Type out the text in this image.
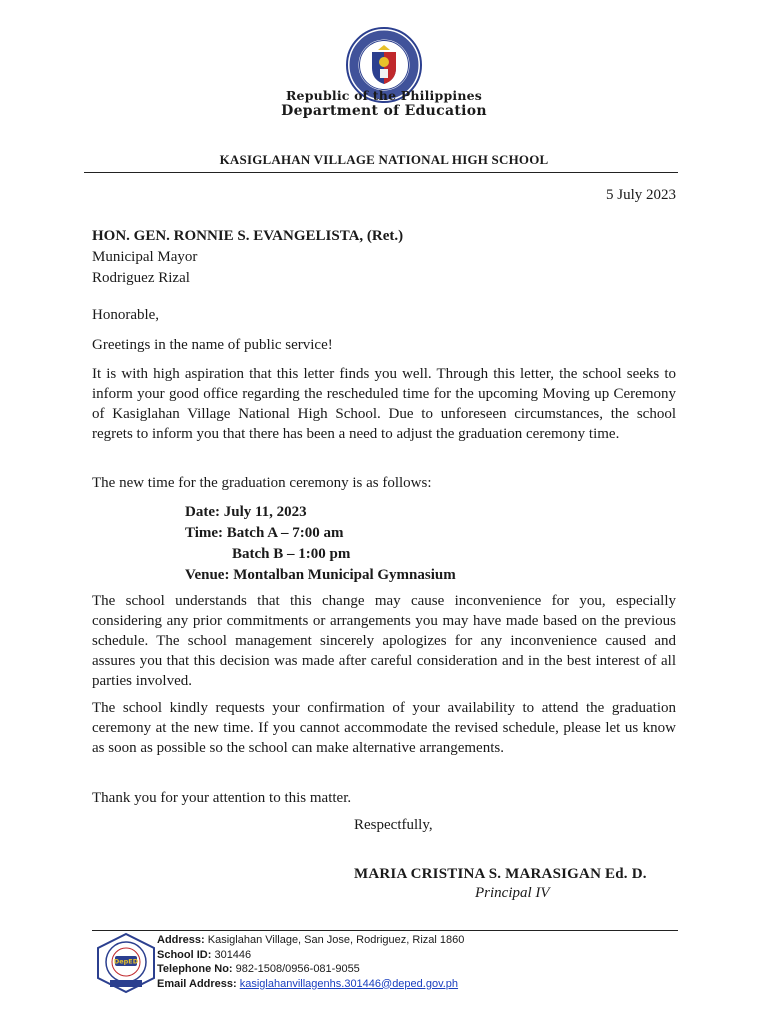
Republic of the Philippines
Department of Education
KASIGLAHAN VILLAGE NATIONAL HIGH SCHOOL
5 July 2023
HON. GEN. RONNIE S. EVANGELISTA, (Ret.)
Municipal Mayor
Rodriguez Rizal
Honorable,
Greetings in the name of public service!
It is with high aspiration that this letter finds you well. Through this letter, the school seeks to inform your good office regarding the rescheduled time for the upcoming Moving up Ceremony of Kasiglahan Village National High School. Due to unforeseen circumstances, the school regrets to inform you that there has been a need to adjust the graduation ceremony time.
The new time for the graduation ceremony is as follows:
Date: July 11, 2023
Time: Batch A – 7:00 am
Batch B – 1:00 pm
Venue: Montalban Municipal Gymnasium
The school understands that this change may cause inconvenience for you, especially considering any prior commitments or arrangements you may have made based on the previous schedule. The school management sincerely apologizes for any inconvenience caused and assures you that this decision was made after careful consideration and in the best interest of all parties involved.
The school kindly requests your confirmation of your availability to attend the graduation ceremony at the new time. If you cannot accommodate the revised schedule, please let us know as soon as possible so the school can make alternative arrangements.
Thank you for your attention to this matter.
Respectfully,
MARIA CRISTINA S. MARASIGAN Ed. D.
Principal IV
DepED
Address: Kasiglahan Village, San Jose, Rodriguez, Rizal 1860
School ID: 301446
Telephone No: 982-1508/0956-081-9055
Email Address: kasiglahanvillagenhs.301446@deped.gov.ph
